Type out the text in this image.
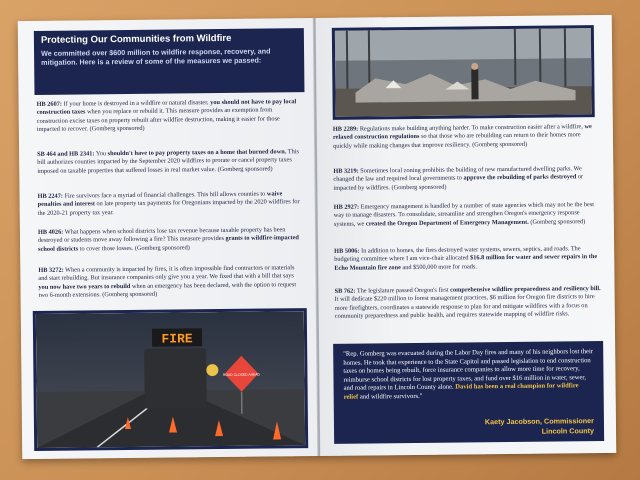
Protecting Our Communities from Wildfire
We committed over $600 million to wildfire response, recovery, and mitigation. Here is a review of some of the measures we passed:
HB 2607: If your home is destroyed in a wildfire or natural disaster, you should not have to pay local construction taxes when you replace or rebuild it. This measure provides an exemption from construction excise taxes on property rebuilt after wildfire destruction, making it easier for those impacted to recover. (Gomberg sponsored)
SB 464 and HB 2341: You shouldn't have to pay property taxes on a home that burned down. This bill authorizes counties impacted by the September 2020 wildfires to prorate or cancel property taxes imposed on taxable properties that suffered losses in real market value. (Gomberg sponsored)
HB 2247: Fire survivors face a myriad of financial challenges. This bill allows counties to waive penalties and interest on late property tax payments for Oregonians impacted by the 2020 wildfires for the 2020-21 property tax year.
HB 4026: What happens when school districts lose tax revenue because taxable property has been destroyed or students move away following a fire? This measure provides grants to wildfire-impacted school districts to cover those losses. (Gomberg sponsored)
HB 3272: When a community is impacted by fires, it is often impossible find contractors or materials and start rebuilding. But insurance companies only give you a year. We fixed that with a bill that says you now have two years to rebuild when an emergency has been declared, with the option to request two 6-month extensions. (Gomberg sponsored)
FIRE
ROAD CLOSED AHEAD
HB 2289: Regulations make building anything harder. To make construction easier after a wildfire, we relaxed construction regulations so that those who are rebuilding can return to their homes more quickly while making changes that improve resiliency. (Gomberg sponsored)
HB 3219: Sometimes local zoning prohibits the building of new manufactured dwelling parks. We changed the law and required local governments to approve the rebuilding of parks destroyed or impacted by wildfires. (Gomberg sponsored)
HB 2927: Emergency management is handled by a number of state agencies which may not be the best way to manage disasters. To consolidate, streamline and strengthen Oregon's emergency response systems, we created the Oregon Department of Emergency Management. (Gomberg sponsored)
HB 5006: In addition to homes, the fires destroyed water systems, sewers, septics, and roads. The budgeting committee where I am vice-chair allocated $16.8 million for water and sewer repairs in the Echo Mountain fire zone and $500,000 more for roads.
SB 762: The legislature passed Oregon's first comprehensive wildfire preparedness and resiliency bill. It will dedicate $220 million to forest management practices, $6 million for Oregon fire districts to hire more firefighters, coordinates a statewide response to plan for and mitigate wildfires with a focus on community preparedness and public health, and requires statewide mapping of wildfire risks.
"Rep. Gomberg was evacuated during the Labor Day fires and many of his neighbors lost their homes. He took that experience to the State Capitol and passed legislation to end construction taxes on homes being rebuilt, force insurance companies to allow more time for recovery, reimburse school districts for lost property taxes, and fund over $16 million in water, sewer, and road repairs in Lincoln County alone. David has been a real champion for wildfire relief and wildfire survivors."
Kaety Jacobson, Commissioner
Lincoln County
